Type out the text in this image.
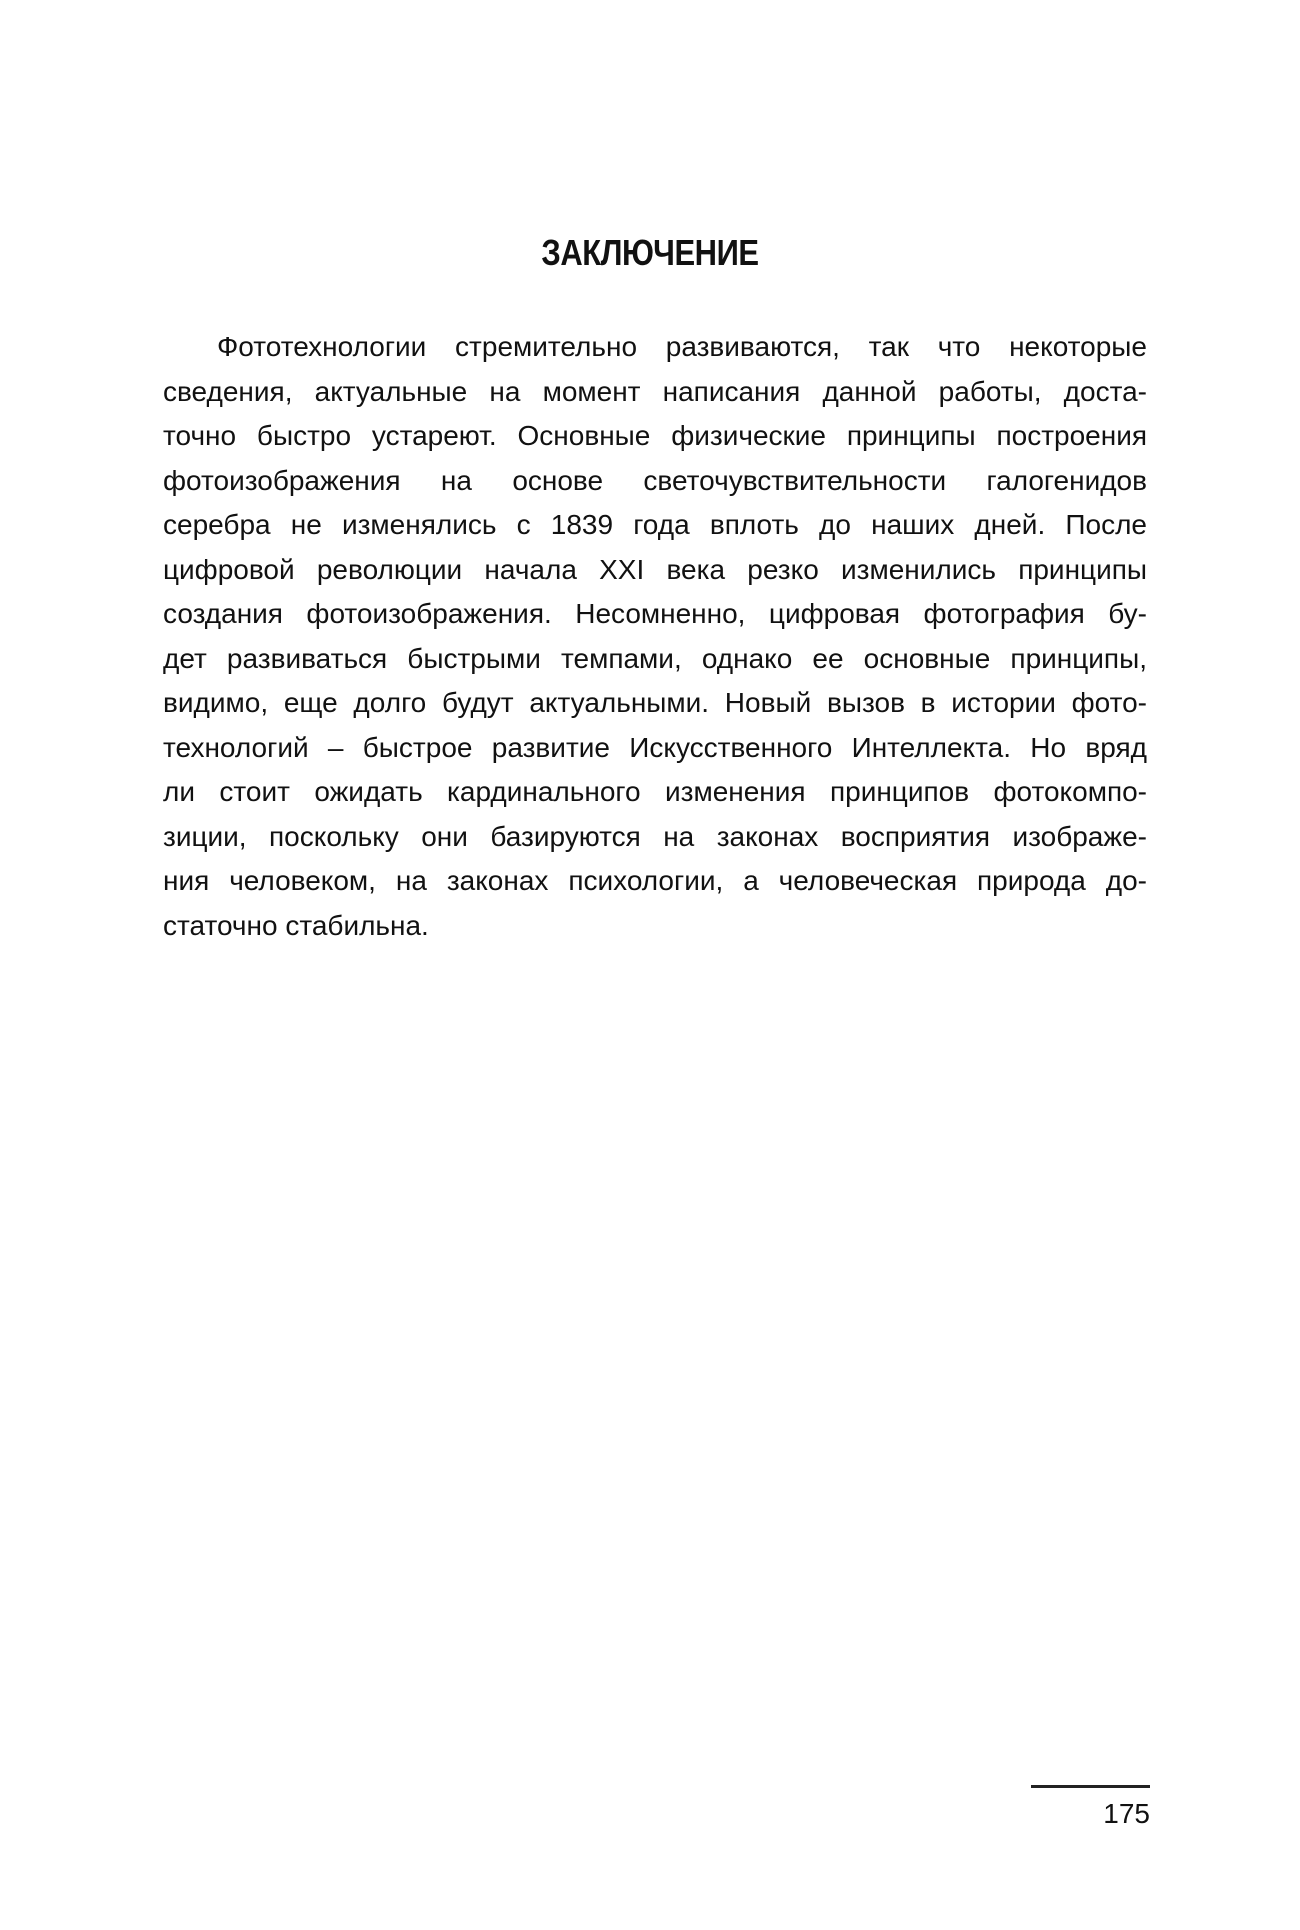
ЗАКЛЮЧЕНИЕ
Фототехнологии стремительно развиваются, так что некоторые
сведения, актуальные на момент написания данной работы, доста-
точно быстро устареют. Основные физические принципы построения
фотоизображения на основе светочувствительности галогенидов
серебра не изменялись с 1839 года вплоть до наших дней. После
цифровой революции начала XXI века резко изменились принципы
создания фотоизображения. Несомненно, цифровая фотография бу-
дет развиваться быстрыми темпами, однако ее основные принципы,
видимо, еще долго будут актуальными. Новый вызов в истории фото-
технологий – быстрое развитие Искусственного Интеллекта. Но вряд
ли стоит ожидать кардинального изменения принципов фотокомпо-
зиции, поскольку они базируются на законах восприятия изображе-
ния человеком, на законах психологии, а человеческая природа до-
статочно стабильна.
175
